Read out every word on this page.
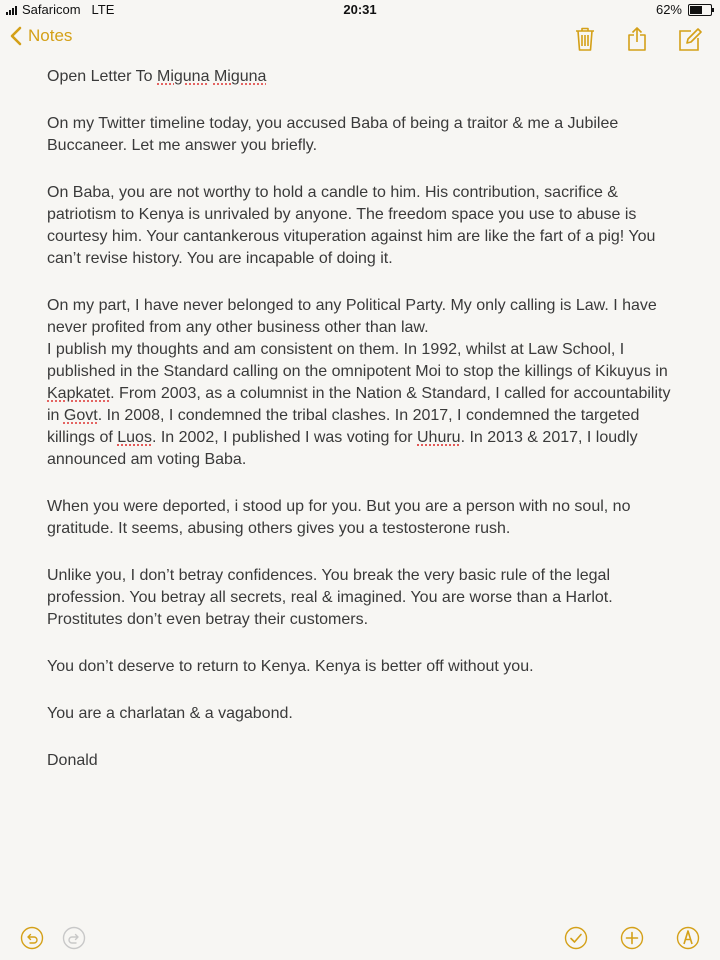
Safaricom LTE	20:31	62%
Notes

Open Letter To Miguna Miguna

On my Twitter timeline today, you accused Baba of being a traitor & me a Jubilee Buccaneer. Let me answer you briefly.

On Baba, you are not worthy to hold a candle to him. His contribution, sacrifice & patriotism to Kenya is unrivaled by anyone. The freedom space you use to abuse is courtesy him. Your cantankerous vituperation against him are like the fart of a pig! You can’t revise history. You are incapable of doing it.

On my part, I have never belonged to any Political Party. My only calling is Law. I have never profited from any other business other than law.

I publish my thoughts and am consistent on them. In 1992, whilst at Law School, I published in the Standard calling on the omnipotent Moi to stop the killings of Kikuyus in Kapkatet. From 2003, as a columnist in the Nation & Standard, I called for accountability in Govt. In 2008, I condemned the tribal clashes. In 2017, I condemned the targeted killings of Luos. In 2002, I published I was voting for Uhuru. In 2013 & 2017, I loudly announced am voting Baba.

When you were deported, i stood up for you. But you are a person with no soul, no gratitude. It seems, abusing others gives you a testosterone rush.

Unlike you, I don’t betray confidences. You break the very basic rule of the legal profession. You betray all secrets, real & imagined. You are worse than a Harlot. Prostitutes don’t even betray their customers.

You don’t deserve to return to Kenya. Kenya is better off without you.

You are a charlatan & a vagabond.

Donald
